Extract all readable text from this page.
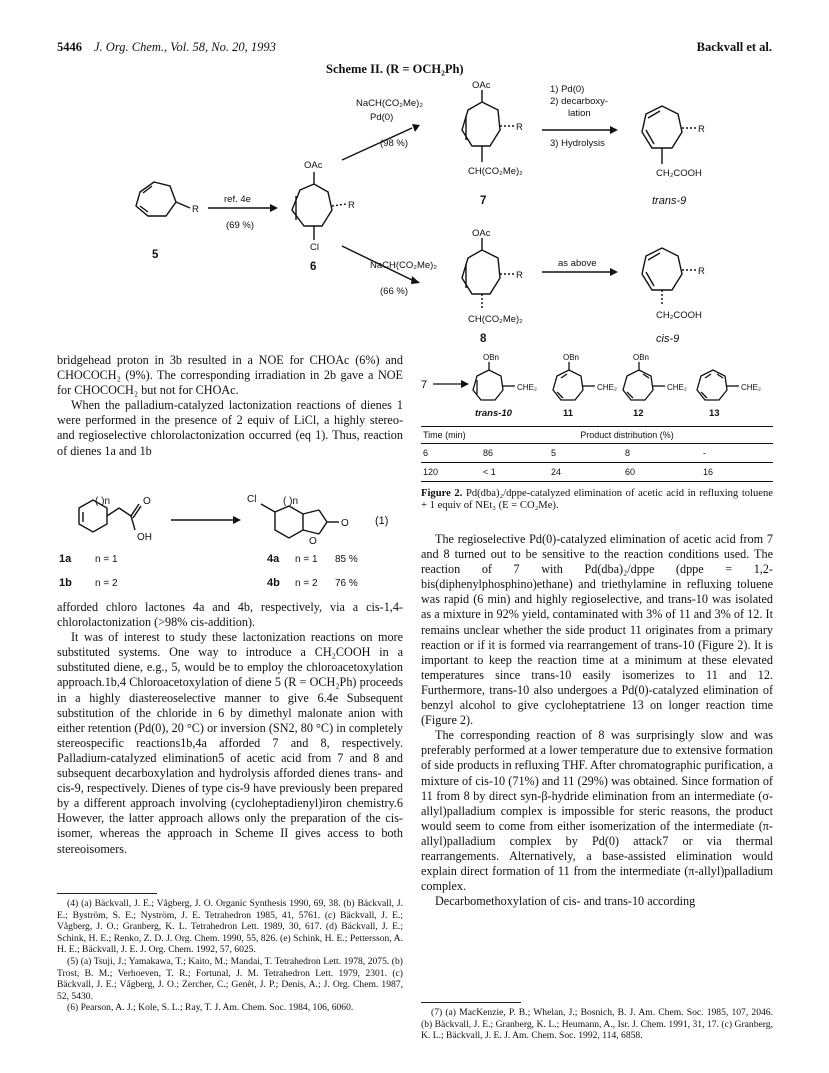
5446 J. Org. Chem., Vol. 58, No. 20, 1993	Backvall et al.
Scheme II. (R = OCH₂Ph)
R
ref. 4e
(69 %)
OAc
Cl
R
NaCH(CO₂Me)₂
Pd(0)
(98 %)
NaCH(CO₂Me)₂
(66 %)
OAc
R
CH(CO₂Me)₂
1) Pd(0)
2) decarboxy-
lation
3) Hydrolysis
R
CH₂COOH
OAc
R
CH(CO₂Me)₂
as above
R
CH₂COOH
5
6
7
8
trans-9
cis-9

bridgehead proton in 3b resulted in a NOE for CHOAc (6%) and CHOCOCH₂ (9%). The corresponding irradiation in 2b gave a NOE for CHOCOCH₂ but not for CHOAc.

When the palladium-catalyzed lactonization reactions of dienes 1 were performed in the presence of 2 equiv of LiCl, a highly stereo- and regioselective chlorolactonization occurred (eq 1). Thus, reaction of dienes 1a and 1b

( )n	O
OH
Cl	( )n
O
O (1)
n = 1	n = 1 85 %
n = 2	n = 2 76 %
1a
1b
4a
4b

afforded chloro lactones 4a and 4b, respectively, via a cis-1,4-chlorolactonization (>98% cis-addition).

It was of interest to study these lactonization reactions on more substituted systems. One way to introduce a CH₂COOH in a substituted diene, e.g., 5, would be to employ the chloroacetoxylation approach.1b,4 Chloroacetoxylation of diene 5 (R = OCH₂Ph) proceeds in a highly diastereoselective manner to give 6.4e Subsequent substitution of the chloride in 6 by dimethyl malonate anion with either retention (Pd(0), 20 °C) or inversion (SN2, 80 °C) in completely stereospecific reactions1b,4a afforded 7 and 8, respectively. Palladium-catalyzed elimination5 of acetic acid from 7 and 8 and subsequent decarboxylation and hydrolysis afforded dienes trans- and cis-9, respectively. Dienes of type cis-9 have previously been prepared by a different approach involving (cycloheptadienyl)iron chemistry.6 However, the latter approach allows only the preparation of the cis-isomer, whereas the approach in Scheme II gives access to both stereoisomers.

(4) (a) Bäckvall, J. E.; Vågberg, J. O. Organic Synthesis 1990, 69, 38. (b) Bäckvall, J. E.; Byström, S. E.; Nyström, J. E. Tetrahedron 1985, 41, 5761. (c) Bäckvall, J. E.; Vågberg, J. O.; Granberg, K. L. Tetrahedron Lett. 1989, 30, 617. (d) Bäckvall, J. E.; Schink, H. E.; Renko, Z. D. J. Org. Chem. 1990, 55, 826. (e) Schink, H. E.; Pettersson, A. H. E.; Bäckvall, J. E. J. Org. Chem. 1992, 57, 6025.

(5) (a) Tsuji, J.; Yamakawa, T.; Kaito, M.; Mandai, T. Tetrahedron Lett. 1978, 2075. (b) Trost, B. M.; Verhoeven, T. R.; Fortunal, J. M. Tetrahedron Lett. 1979, 2301. (c) Bäckvall, J. E.; Vågberg, J. O.; Zercher, C.; Genêt, J. P.; Denis, A.; J. Org. Chem. 1987, 52, 5430.

(6) Pearson, A. J.; Kole, S. L.; Ray, T. J. Am. Chem. Soc. 1984, 106, 6060.

7
OBn
CHE₂
OBn
CHE₂
OBn
CHE₂	CHE₂
trans-10	11	12	13
Time (min)	Product distribution (%)			
6	86	5	8	-
120	< 1	24	60	16
Figure 2. Pd(dba)₂/dppe-catalyzed elimination of acetic acid in refluxing toluene + 1 equiv of NEt₃ (E = CO₂Me).

The regioselective Pd(0)-catalyzed elimination of acetic acid from 7 and 8 turned out to be sensitive to the reaction conditions used. The reaction of 7 with Pd(dba)₂/dppe (dppe = 1,2-bis(diphenylphosphino)ethane) and triethylamine in refluxing toluene was rapid (6 min) and highly regioselective, and trans-10 was isolated as a mixture in 92% yield, contaminated with 3% of 11 and 3% of 12. It remains unclear whether the side product 11 originates from a primary reaction or if it is formed via rearrangement of trans-10 (Figure 2). It is important to keep the reaction time at a minimum at these elevated temperatures since trans-10 easily isomerizes to 11 and 12. Furthermore, trans-10 also undergoes a Pd(0)-catalyzed elimination of benzyl alcohol to give cycloheptatriene 13 on longer reaction time (Figure 2).

The corresponding reaction of 8 was surprisingly slow and was preferably performed at a lower temperature due to extensive formation of side products in refluxing THF. After chromatographic purification, a mixture of cis-10 (71%) and 11 (29%) was obtained. Since formation of 11 from 8 by direct syn-β-hydride elimination from an intermediate (σ-allyl)palladium complex is impossible for steric reasons, the product would seem to come from either isomerization of the intermediate (π-allyl)palladium complex by Pd(0) attack7 or via thermal rearrangements. Alternatively, a base-assisted elimination would explain direct formation of 11 from the intermediate (π-allyl)palladium complex.

Decarbomethoxylation of cis- and trans-10 according

(7) (a) MacKenzie, P. B.; Whelan, J.; Bosnich, B. J. Am. Chem. Soc. 1985, 107, 2046. (b) Bäckvall, J. E.; Granberg, K. L.; Heumann, A., Isr. J. Chem. 1991, 31, 17. (c) Granberg, K. L.; Bäckvall, J. E. J. Am. Chem. Soc. 1992, 114, 6858.
